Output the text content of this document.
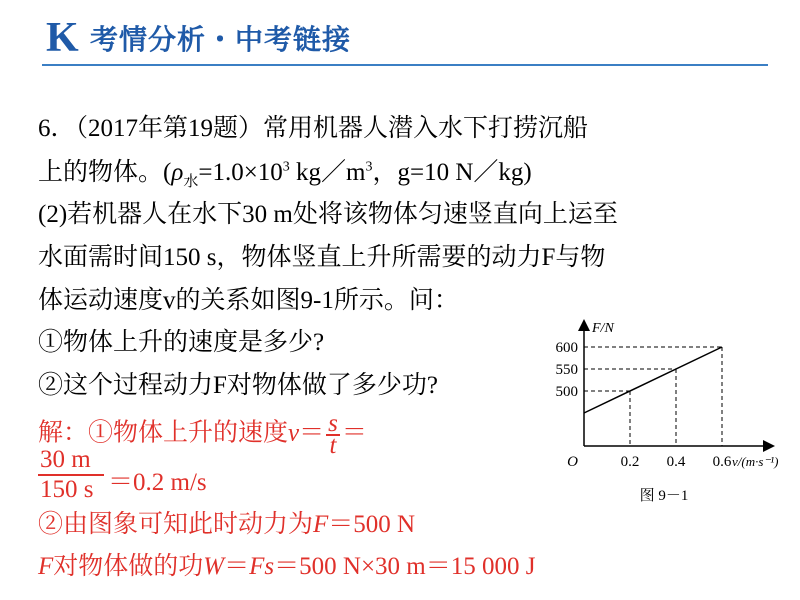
K 考情分析・中考链接
6．（2017年第19题）常用机器人潜入水下打捞沉船
上的物体。($\rho_水=1.0\times 10^3$ $kg/m^3$，g=10 N／kg)
(2)若机器人在水下30 m处将该物体匀速竖直向上运至
水面需时间150 s，物体竖直上升所需要的动力F与物
体运动速度v的关系如图9-1所示。问：
①物体上升的速度是多少?
②这个过程动力F对物体做了多少功?
解：①物体上升的速度$v= \frac{s}{t}$ ＝
30 m
150 s ＝0.2 m/s
②由图象可知此时动力为F＝500 N
F对物体做的功W＝Fs＝500 N×30 m＝15 000 J
F/N
v/(m·s⁻¹)
O	0.2 0.4 0.6
500
550
600
图 9－1
